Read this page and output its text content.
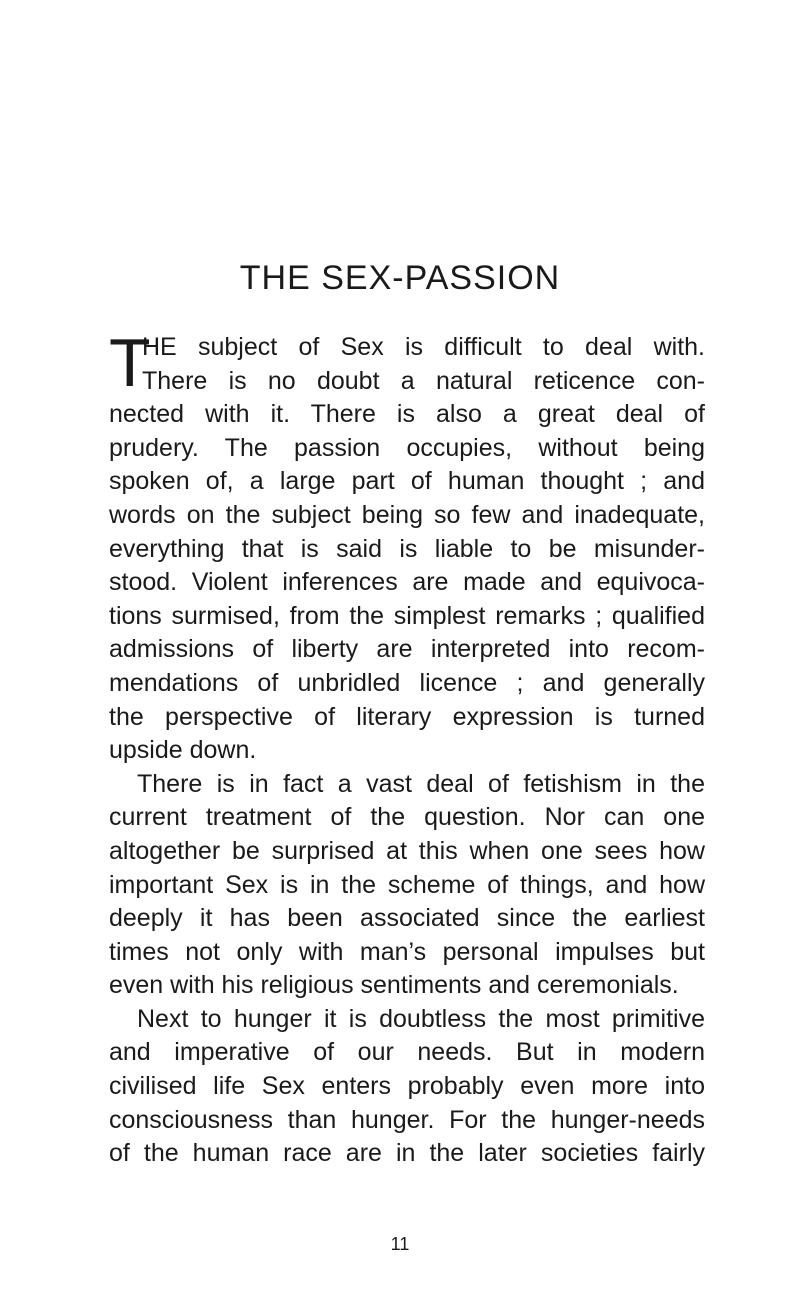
THE SEX-PASSION
T
HE subject of Sex is difficult to deal with.
There is no doubt a natural reticence con-
nected with it. There is also a great deal of
prudery. The passion occupies, without being
spoken of, a large part of human thought ; and
words on the subject being so few and inadequate,
everything that is said is liable to be misunder-
stood. Violent inferences are made and equivoca-
tions surmised, from the simplest remarks ; qualified
admissions of liberty are interpreted into recom-
mendations of unbridled licence ; and generally
the perspective of literary expression is turned
upside down.
There is in fact a vast deal of fetishism in the
current treatment of the question. Nor can one
altogether be surprised at this when one sees how
important Sex is in the scheme of things, and how
deeply it has been associated since the earliest
times not only with man’s personal impulses but
even with his religious sentiments and ceremonials.
Next to hunger it is doubtless the most primitive
and imperative of our needs. But in modern
civilised life Sex enters probably even more into
consciousness than hunger. For the hunger-needs
of the human race are in the later societies fairly
11
